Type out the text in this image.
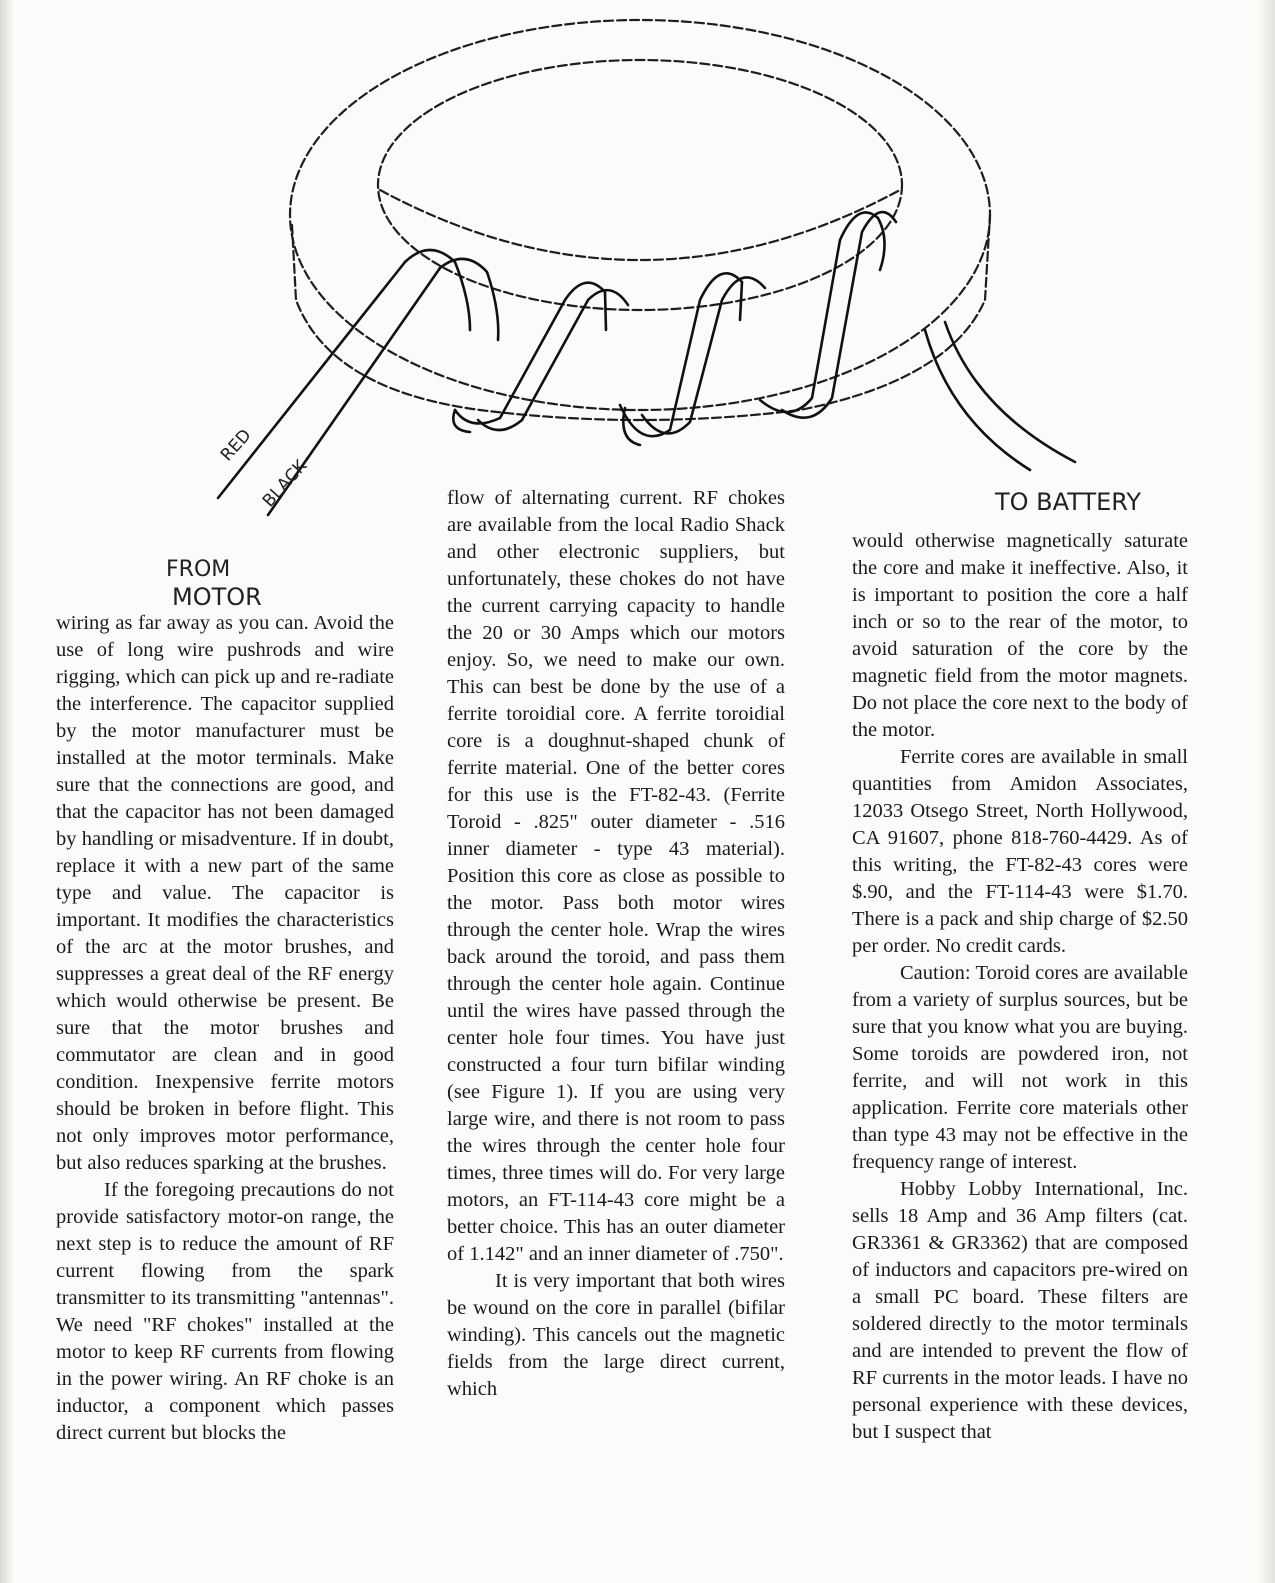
RED
BLACK
FROM
MOTOR
TO BATTERY

wiring as far away as you can. Avoid the use of long wire pushrods and wire rigging, which can pick up and re-radiate the interference. The capacitor supplied by the motor manufacturer must be installed at the motor terminals. Make sure that the connections are good, and that the capacitor has not been damaged by handling or misadventure. If in doubt, replace it with a new part of the same type and value. The capacitor is important. It modifies the characteristics of the arc at the motor brushes, and suppresses a great deal of the RF energy which would otherwise be present. Be sure that the motor brushes and commutator are clean and in good condition. Inexpensive ferrite motors should be broken in before flight. This not only improves motor performance, but also reduces sparking at the brushes.

If the foregoing precautions do not provide satisfactory motor-on range, the next step is to reduce the amount of RF current flowing from the spark transmitter to its transmitting "antennas". We need "RF chokes" installed at the motor to keep RF currents from flowing in the power wiring. An RF choke is an inductor, a component which passes direct current but blocks the

flow of alternating current. RF chokes are available from the local Radio Shack and other electronic suppliers, but unfortunately, these chokes do not have the current carrying capacity to handle the 20 or 30 Amps which our motors enjoy. So, we need to make our own. This can best be done by the use of a ferrite toroidial core. A ferrite toroidial core is a doughnut-shaped chunk of ferrite material. One of the better cores for this use is the FT-82-43. (Ferrite Toroid - .825" outer diameter - .516 inner diameter - type 43 material). Position this core as close as possible to the motor. Pass both motor wires through the center hole. Wrap the wires back around the toroid, and pass them through the center hole again. Continue until the wires have passed through the center hole four times. You have just constructed a four turn bifilar winding (see Figure 1). If you are using very large wire, and there is not room to pass the wires through the center hole four times, three times will do. For very large motors, an FT-114-43 core might be a better choice. This has an outer diameter of 1.142" and an inner diameter of .750".

It is very important that both wires be wound on the core in parallel (bifilar winding). This cancels out the magnetic fields from the large direct current, which

would otherwise magnetically saturate the core and make it ineffective. Also, it is important to position the core a half inch or so to the rear of the motor, to avoid saturation of the core by the magnetic field from the motor magnets. Do not place the core next to the body of the motor.

Ferrite cores are available in small quantities from Amidon Associates, 12033 Otsego Street, North Hollywood, CA 91607, phone 818-760-4429. As of this writing, the FT-82-43 cores were $.90, and the FT-114-43 were $1.70. There is a pack and ship charge of $2.50 per order. No credit cards.

Caution: Toroid cores are available from a variety of surplus sources, but be sure that you know what you are buying. Some toroids are powdered iron, not ferrite, and will not work in this application. Ferrite core materials other than type 43 may not be effective in the frequency range of interest.

Hobby Lobby International, Inc. sells 18 Amp and 36 Amp filters (cat. GR3361 & GR3362) that are composed of inductors and capacitors pre-wired on a small PC board. These filters are soldered directly to the motor terminals and are intended to prevent the flow of RF currents in the motor leads. I have no personal experience with these devices, but I suspect that
